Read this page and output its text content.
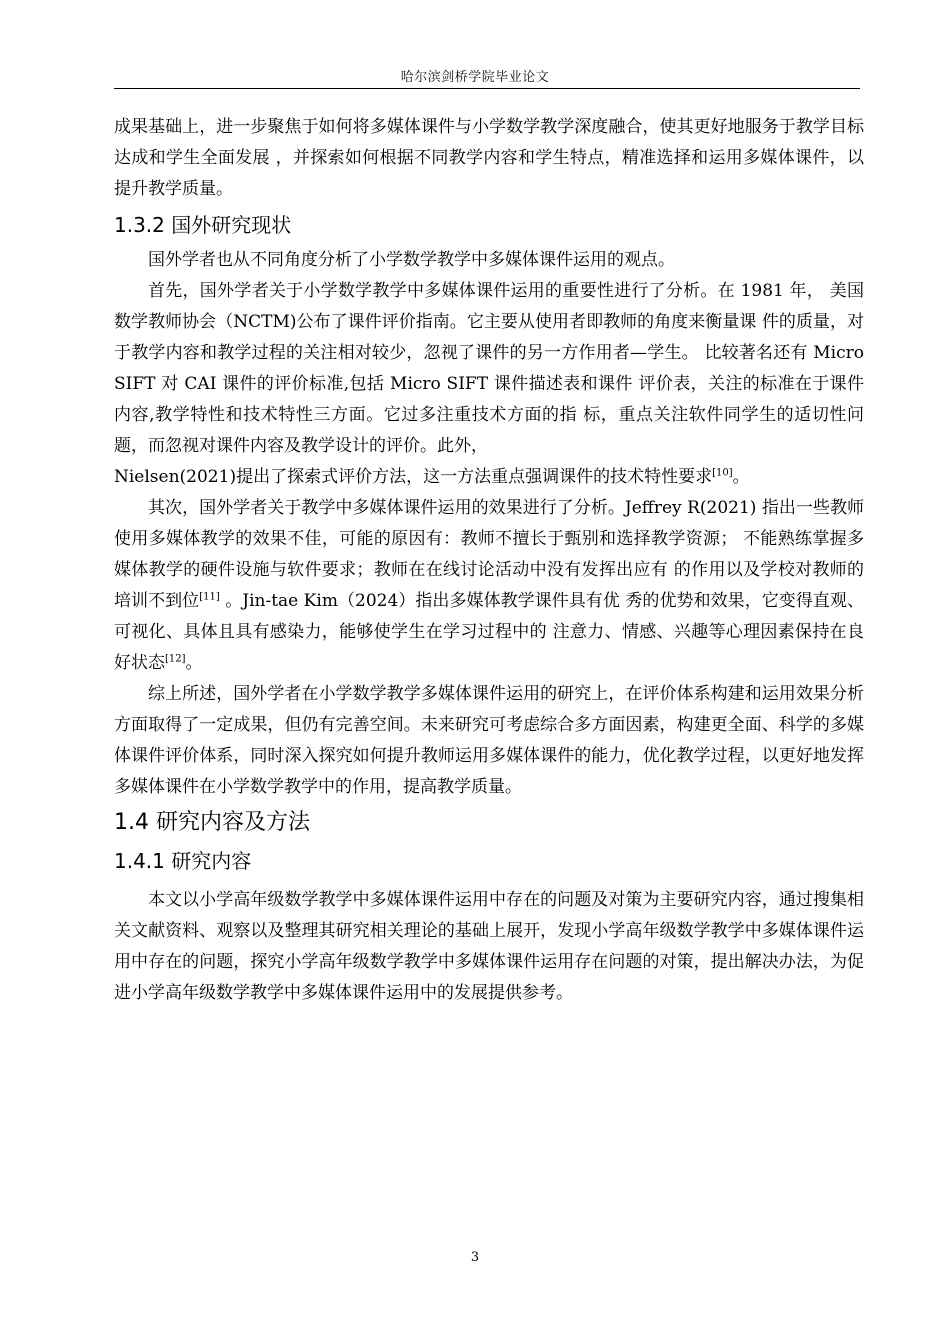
哈尔滨剑桥学院毕业论文

成果基础上，进一步聚焦于如何将多媒体课件与小学数学教学深度融合，使其更好地服务于教学目标达成和学生全面发展 ，并探索如何根据不同教学内容和学生特点，精准选择和运用多媒体课件，以提升教学质量。

1.3.2 国外研究现状

国外学者也从不同角度分析了小学数学教学中多媒体课件运用的观点。

首先，国外学者关于小学数学教学中多媒体课件运用的重要性进行了分析。在 1981 年， 美国数学教师协会（NCTM)公布了课件评价指南。它主要从使用者即教师的角度来衡量课 件的质量，对于教学内容和教学过程的关注相对较少，忽视了课件的另一方作用者—学生。 比较著名还有 Micro SIFT 对 CAI 课件的评价标准,包括 Micro SIFT 课件描述表和课件 评价表，关注的标准在于课件内容,教学特性和技术特性三方面。它过多注重技术方面的指 标，重点关注软件同学生的适切性问题，而忽视对课件内容及教学设计的评价。此外，

Nielsen(2021)提出了探索式评价方法，这一方法重点强调课件的技术特性要求[10]。

其次，国外学者关于教学中多媒体课件运用的效果进行了分析。Jeffrey R(2021) 指出一些教师使用多媒体教学的效果不佳，可能的原因有：教师不擅长于甄别和选择教学资源； 不能熟练掌握多媒体教学的硬件设施与软件要求；教师在在线讨论活动中没有发挥出应有 的作用以及学校对教师的培训不到位[11] 。Jin-tae Kim（2024）指出多媒体教学课件具有优 秀的优势和效果，它变得直观、可视化、具体且具有感染力，能够使学生在学习过程中的 注意力、情感、兴趣等心理因素保持在良好状态[12]。

综上所述，国外学者在小学数学教学多媒体课件运用的研究上，在评价体系构建和运用效果分析方面取得了一定成果，但仍有完善空间。未来研究可考虑综合多方面因素，构建更全面、科学的多媒体课件评价体系，同时深入探究如何提升教师运用多媒体课件的能力，优化教学过程，以更好地发挥多媒体课件在小学数学教学中的作用，提高教学质量。

1.4 研究内容及方法
1.4.1 研究内容

本文以小学高年级数学教学中多媒体课件运用中存在的问题及对策为主要研究内容，通过搜集相关文献资料、观察以及整理其研究相关理论的基础上展开，发现小学高年级数学教学中多媒体课件运用中存在的问题，探究小学高年级数学教学中多媒体课件运用存在问题的对策，提出解决办法，为促进小学高年级数学教学中多媒体课件运用中的发展提供参考。

3
